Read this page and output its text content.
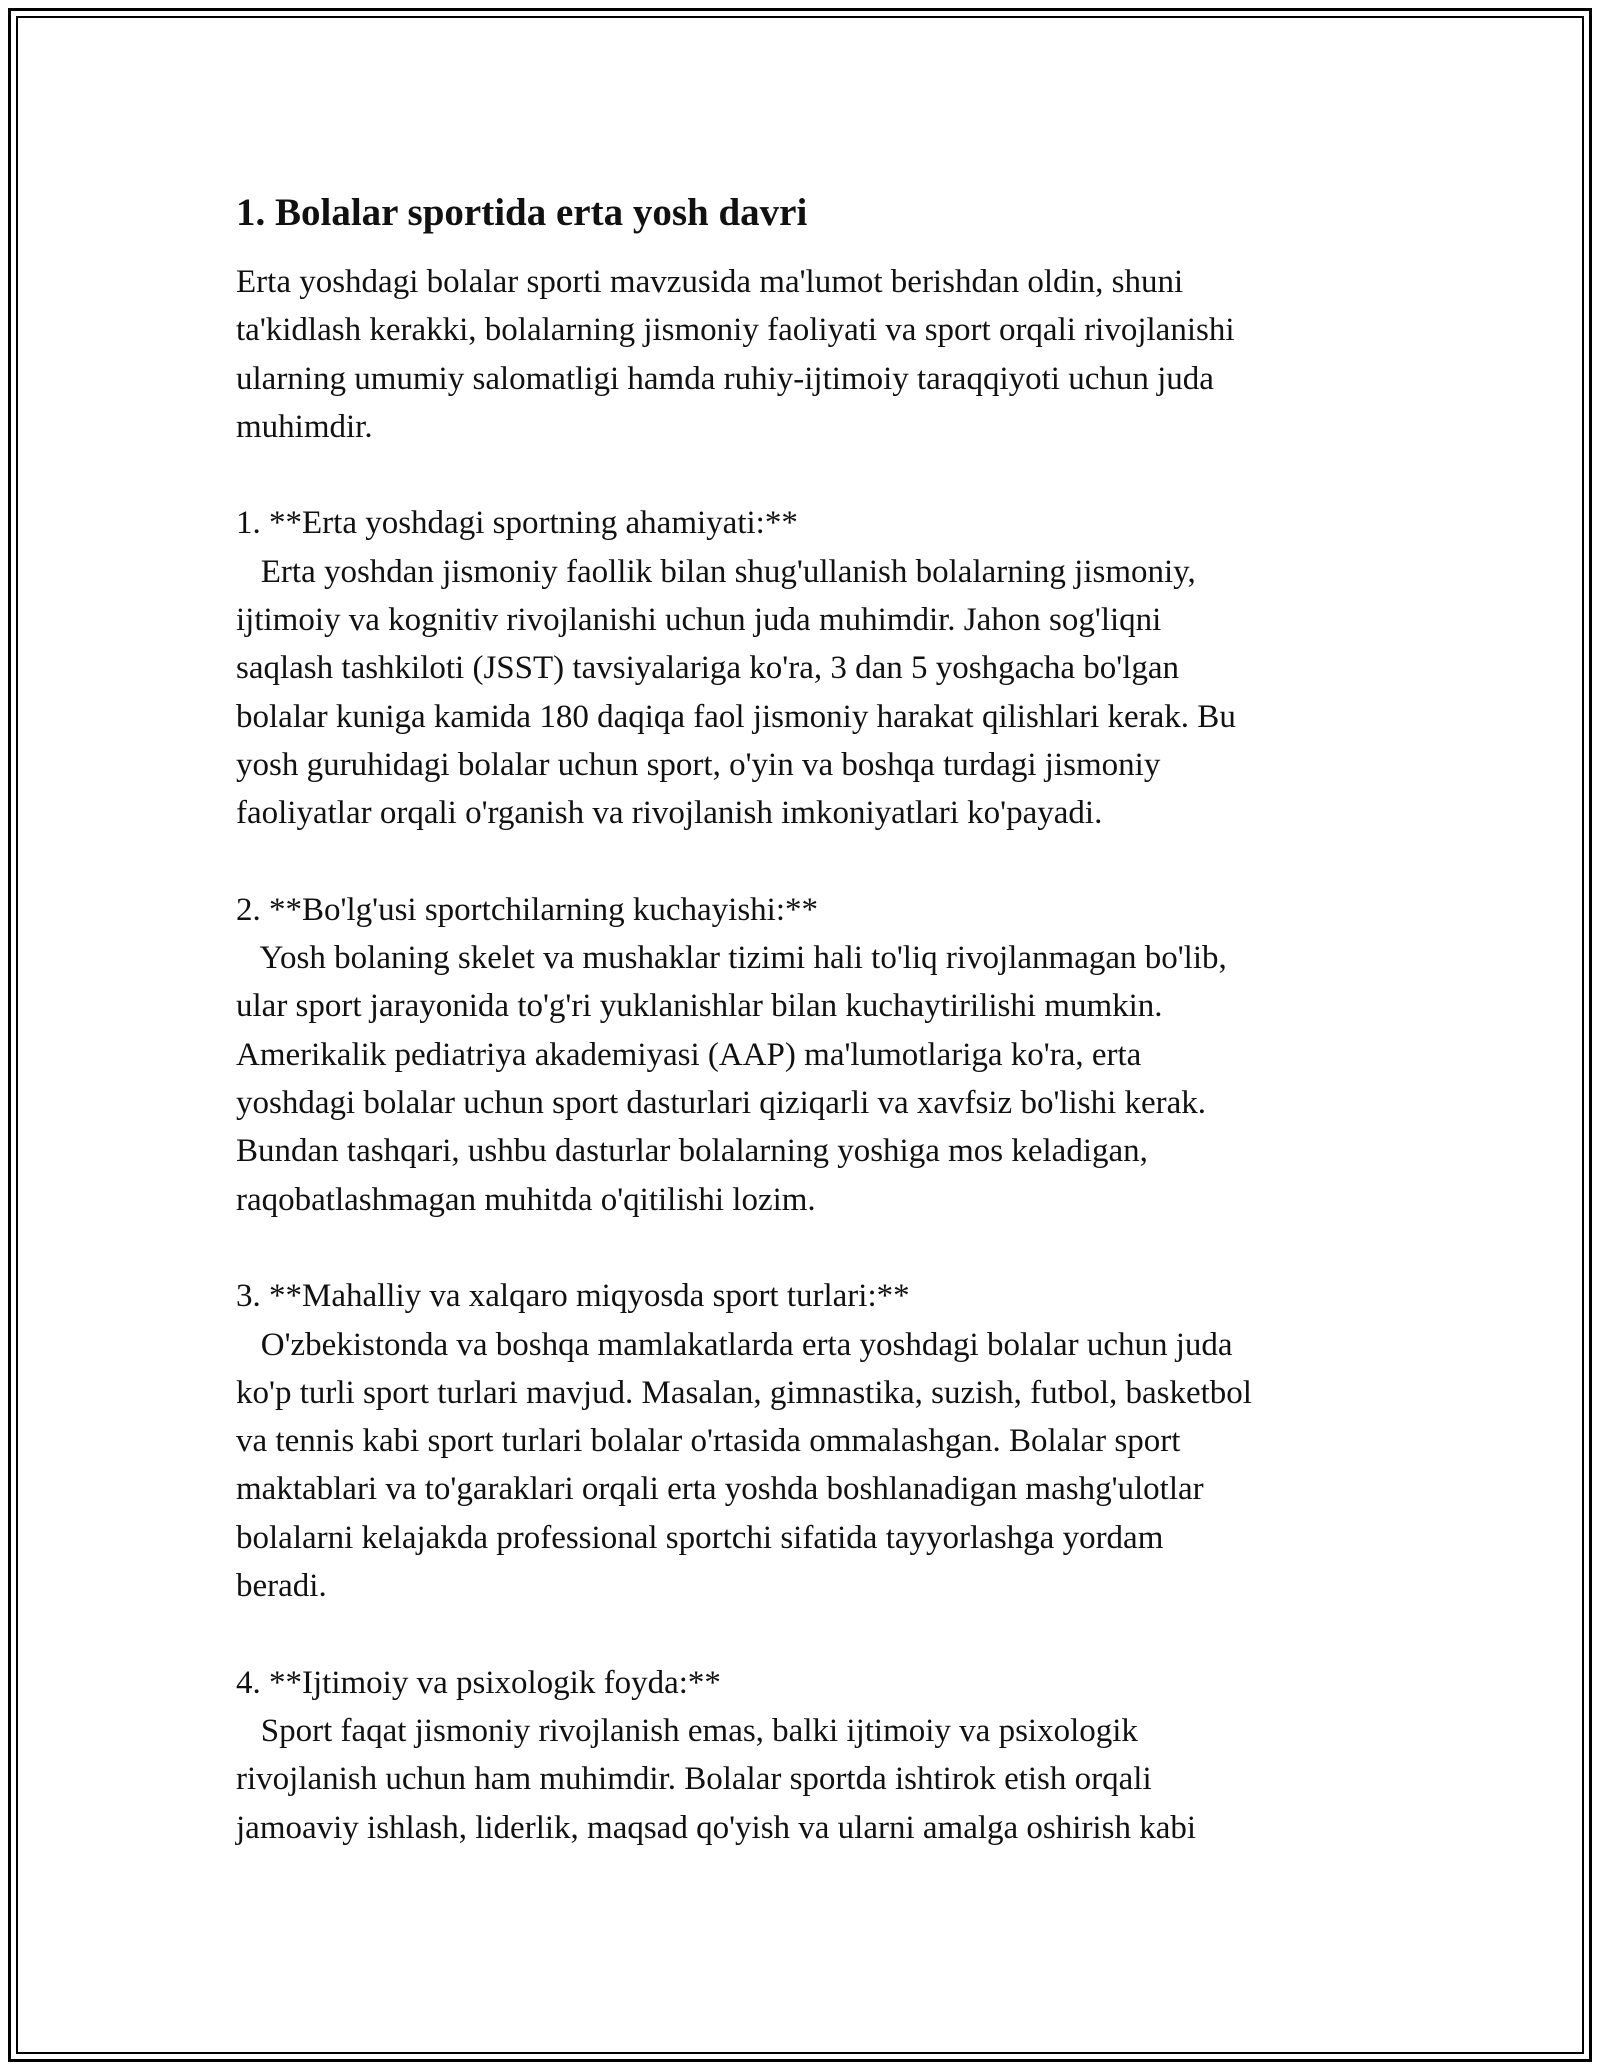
1. Bolalar sportida erta yosh davri
Erta yoshdagi bolalar sporti mavzusida ma'lumot berishdan oldin, shuni
ta'kidlash kerakki, bolalarning jismoniy faoliyati va sport orqali rivojlanishi
ularning umumiy salomatligi hamda ruhiy-ijtimoiy taraqqiyoti uchun juda
muhimdir.
1. **Erta yoshdagi sportning ahamiyati:**
Erta yoshdan jismoniy faollik bilan shug'ullanish bolalarning jismoniy,
ijtimoiy va kognitiv rivojlanishi uchun juda muhimdir. Jahon sog'liqni
saqlash tashkiloti (JSST) tavsiyalariga ko'ra, 3 dan 5 yoshgacha bo'lgan
bolalar kuniga kamida 180 daqiqa faol jismoniy harakat qilishlari kerak. Bu
yosh guruhidagi bolalar uchun sport, o'yin va boshqa turdagi jismoniy
faoliyatlar orqali o'rganish va rivojlanish imkoniyatlari ko'payadi.
2. **Bo'lg'usi sportchilarning kuchayishi:**
Yosh bolaning skelet va mushaklar tizimi hali to'liq rivojlanmagan bo'lib,
ular sport jarayonida to'g'ri yuklanishlar bilan kuchaytirilishi mumkin.
Amerikalik pediatriya akademiyasi (AAP) ma'lumotlariga ko'ra, erta
yoshdagi bolalar uchun sport dasturlari qiziqarli va xavfsiz bo'lishi kerak.
Bundan tashqari, ushbu dasturlar bolalarning yoshiga mos keladigan,
raqobatlashmagan muhitda o'qitilishi lozim.
3. **Mahalliy va xalqaro miqyosda sport turlari:**
O'zbekistonda va boshqa mamlakatlarda erta yoshdagi bolalar uchun juda
ko'p turli sport turlari mavjud. Masalan, gimnastika, suzish, futbol, basketbol
va tennis kabi sport turlari bolalar o'rtasida ommalashgan. Bolalar sport
maktablari va to'garaklari orqali erta yoshda boshlanadigan mashg'ulotlar
bolalarni kelajakda professional sportchi sifatida tayyorlashga yordam
beradi.
4. **Ijtimoiy va psixologik foyda:**
Sport faqat jismoniy rivojlanish emas, balki ijtimoiy va psixologik
rivojlanish uchun ham muhimdir. Bolalar sportda ishtirok etish orqali
jamoaviy ishlash, liderlik, maqsad qo'yish va ularni amalga oshirish kabi
